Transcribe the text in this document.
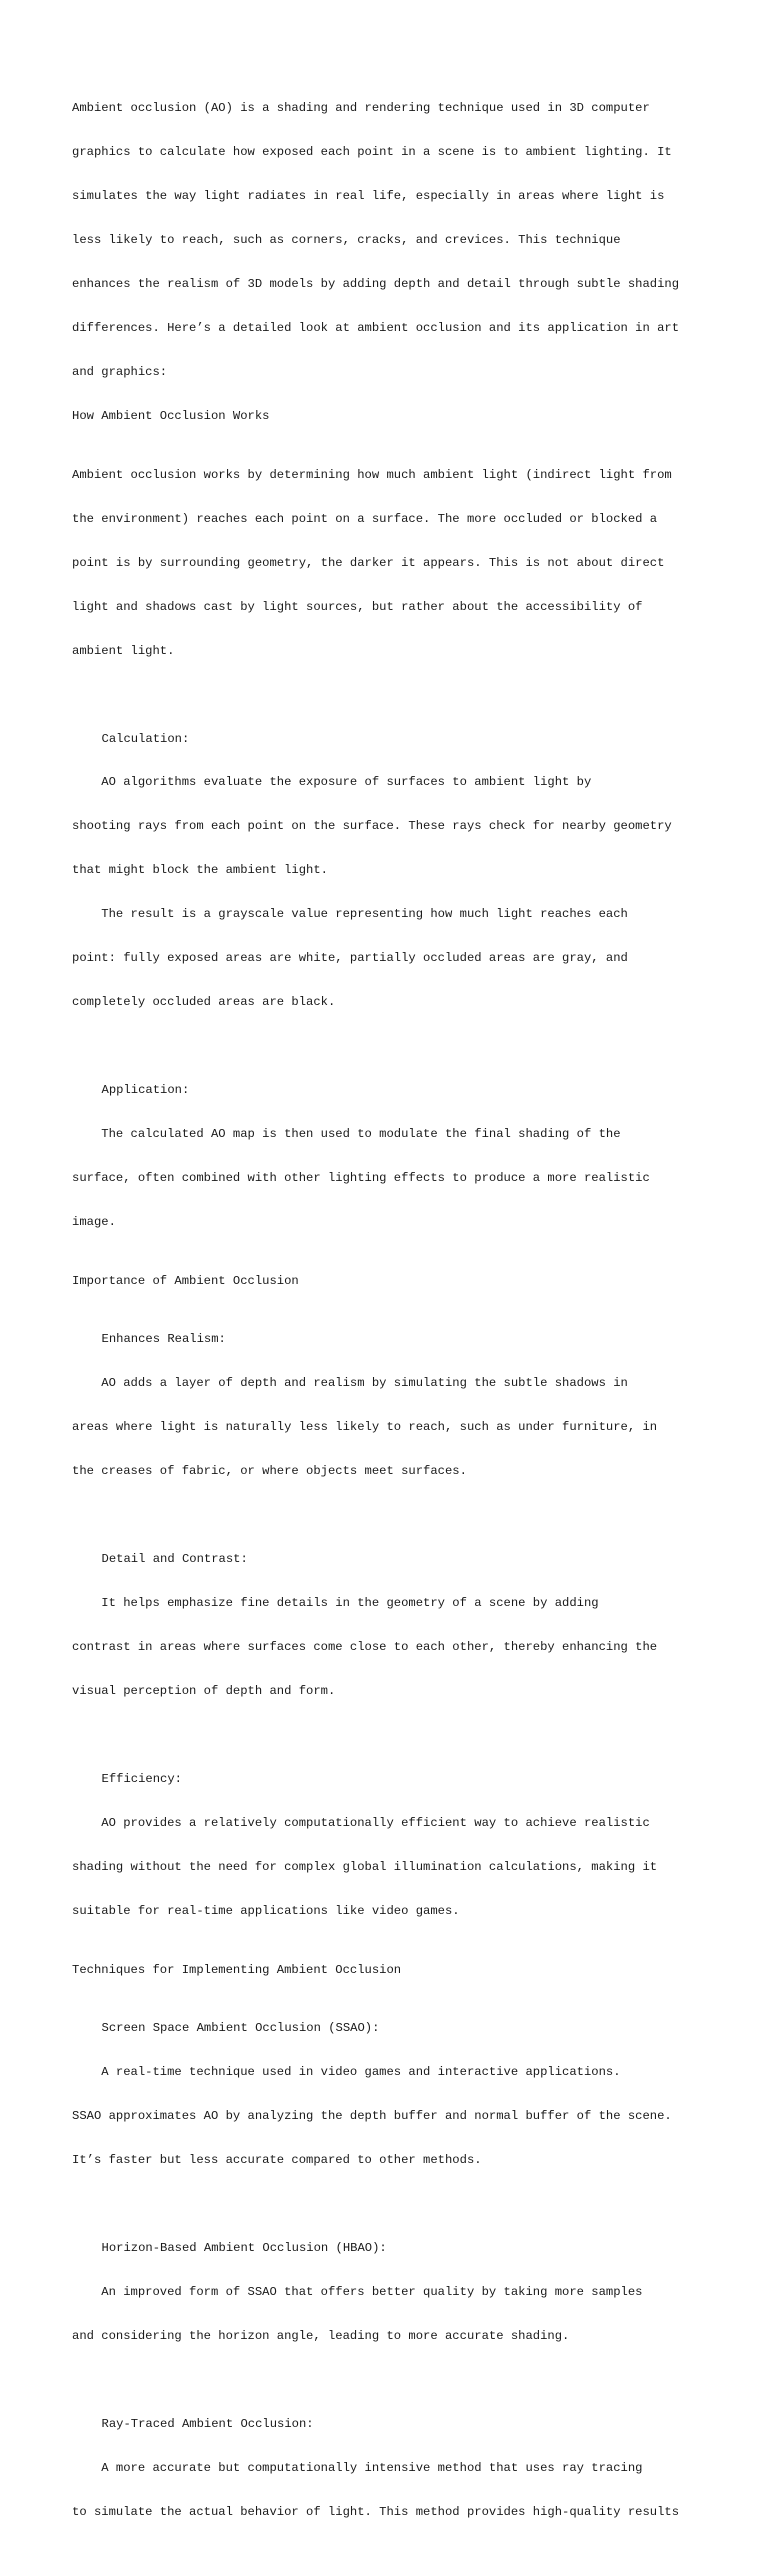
Ambient occlusion (AO) is a shading and rendering technique used in 3D computer

graphics to calculate how exposed each point in a scene is to ambient lighting. It

simulates the way light radiates in real life, especially in areas where light is

less likely to reach, such as corners, cracks, and crevices. This technique

enhances the realism of 3D models by adding depth and detail through subtle shading

differences. Here’s a detailed look at ambient occlusion and its application in art

and graphics:

How Ambient Occlusion Works

Ambient occlusion works by determining how much ambient light (indirect light from

the environment) reaches each point on a surface. The more occluded or blocked a

point is by surrounding geometry, the darker it appears. This is not about direct

light and shadows cast by light sources, but rather about the accessibility of

ambient light.

Calculation:

AO algorithms evaluate the exposure of surfaces to ambient light by

shooting rays from each point on the surface. These rays check for nearby geometry

that might block the ambient light.

The result is a grayscale value representing how much light reaches each

point: fully exposed areas are white, partially occluded areas are gray, and

completely occluded areas are black.

Application:

The calculated AO map is then used to modulate the final shading of the

surface, often combined with other lighting effects to produce a more realistic

image.

Importance of Ambient Occlusion

Enhances Realism:

AO adds a layer of depth and realism by simulating the subtle shadows in

areas where light is naturally less likely to reach, such as under furniture, in

the creases of fabric, or where objects meet surfaces.

Detail and Contrast:

It helps emphasize fine details in the geometry of a scene by adding

contrast in areas where surfaces come close to each other, thereby enhancing the

visual perception of depth and form.

Efficiency:

AO provides a relatively computationally efficient way to achieve realistic

shading without the need for complex global illumination calculations, making it

suitable for real-time applications like video games.

Techniques for Implementing Ambient Occlusion

Screen Space Ambient Occlusion (SSAO):

A real-time technique used in video games and interactive applications.

SSAO approximates AO by analyzing the depth buffer and normal buffer of the scene.

It’s faster but less accurate compared to other methods.

Horizon-Based Ambient Occlusion (HBAO):

An improved form of SSAO that offers better quality by taking more samples

and considering the horizon angle, leading to more accurate shading.

Ray-Traced Ambient Occlusion:

A more accurate but computationally intensive method that uses ray tracing

to simulate the actual behavior of light. This method provides high-quality results
